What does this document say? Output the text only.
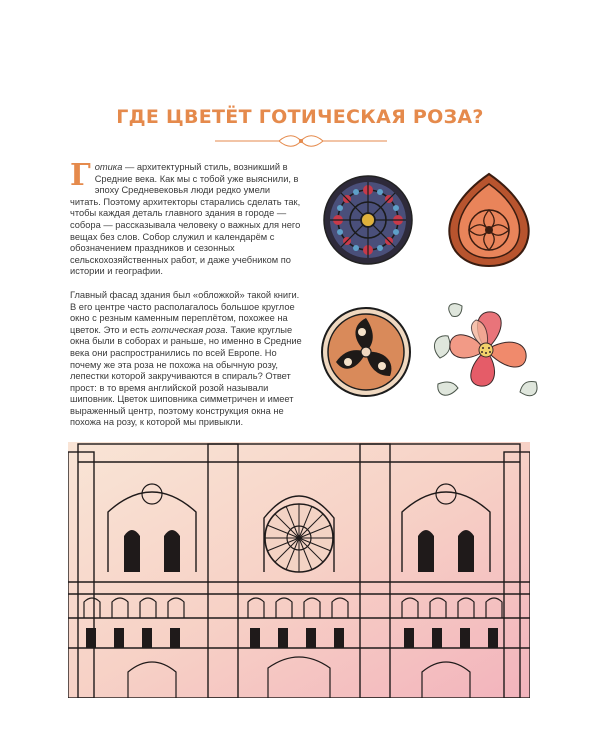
ГДЕ ЦВЕТЁТ ГОТИЧЕСКАЯ РОЗА?

Готика — архитектурный стиль, возникший в Средние века. Как мы с тобой уже выяснили, в эпоху Средневековья люди редко умели читать. Поэтому архитекторы старались сделать так, чтобы каждая деталь главного здания в городе — собора — рассказывала человеку о важных для него вещах без слов. Собор служил и календарём с обозначением праздников и сезонных сельскохозяйственных работ, и даже учебником по истории и географии.

Главный фасад здания был «обложкой» такой книги. В его центре часто располагалось большое круглое окно с резным каменным переплётом, похожее на цветок. Это и есть готическая роза. Такие круглые окна были в соборах и раньше, но именно в Средние века они распространились по всей Европе. Но почему же эта роза не похожа на обычную розу, лепестки которой закручиваются в спираль? Ответ прост: в то время английской розой называли шиповник. Цветок шиповника симметричен и имеет выраженный центр, поэтому конструкция окна не похожа на розу, к которой мы привыкли.
